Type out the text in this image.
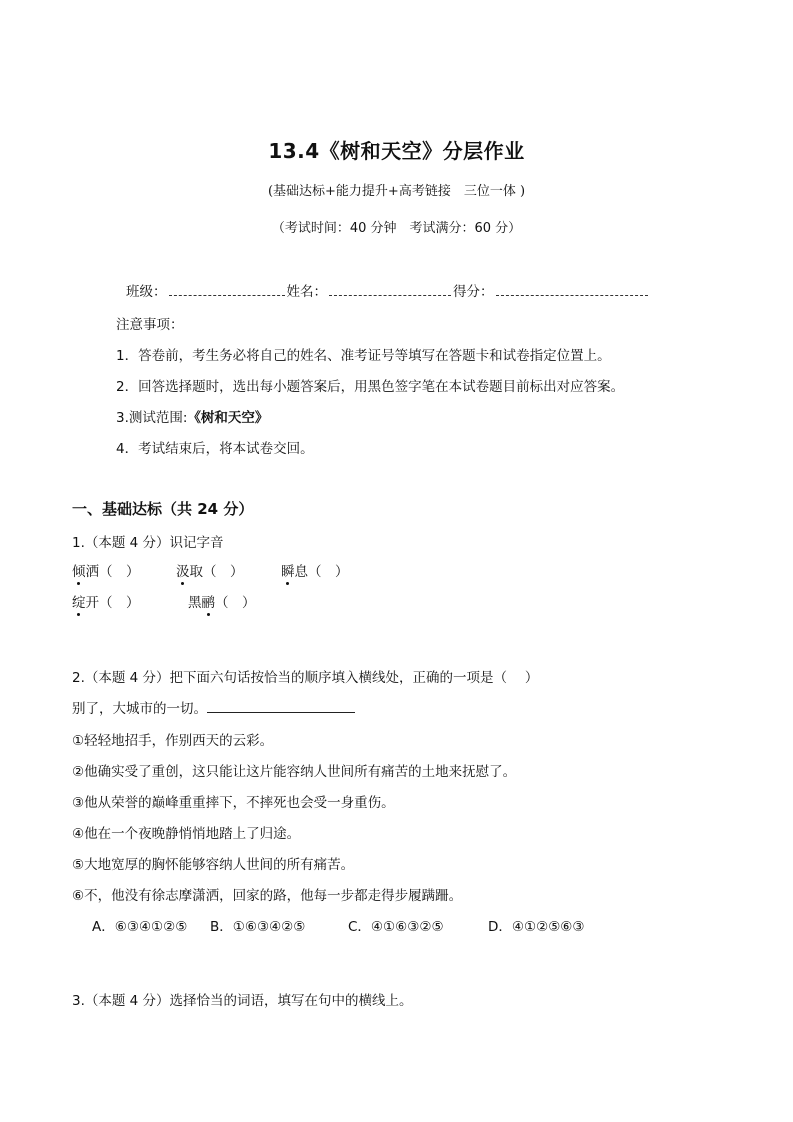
13.4《树和天空》分层作业
(基础达标+能力提升+高考链接　三位一体 )
（考试时间：40 分钟　考试满分：60 分）
班级：	姓名：	得分：
注意事项：
1．答卷前，考生务必将自己的姓名、准考证号等填写在答题卡和试卷指定位置上。
2．回答选择题时，选出每小题答案后，用黑色签字笔在本试卷题目前标出对应答案。
3.测试范围:《树和天空》
4．考试结束后，将本试卷交回。
一、基础达标（共 24 分）
1.（本题 4 分）识记字音
倾洒（　）	汲取（　）	瞬息（　）
绽开（　）	黑鹂（　）
2.（本题 4 分）把下面六句话按恰当的顺序填入横线处，正确的一项是（　 ）
别了，大城市的一切。
①轻轻地招手，作别西天的云彩。
②他确实受了重创，这只能让这片能容纳人世间所有痛苦的土地来抚慰了。
③他从荣誉的巅峰重重摔下，不摔死也会受一身重伤。
④他在一个夜晚静悄悄地踏上了归途。
⑤大地宽厚的胸怀能够容纳人世间的所有痛苦。
⑥不，他没有徐志摩潇洒，回家的路，他每一步都走得步履蹒跚。
A．⑥③④①②⑤ B．①⑥③④②⑤	C．④①⑥③②⑤	D．④①②⑤⑥③
3.（本题 4 分）选择恰当的词语，填写在句中的横线上。
